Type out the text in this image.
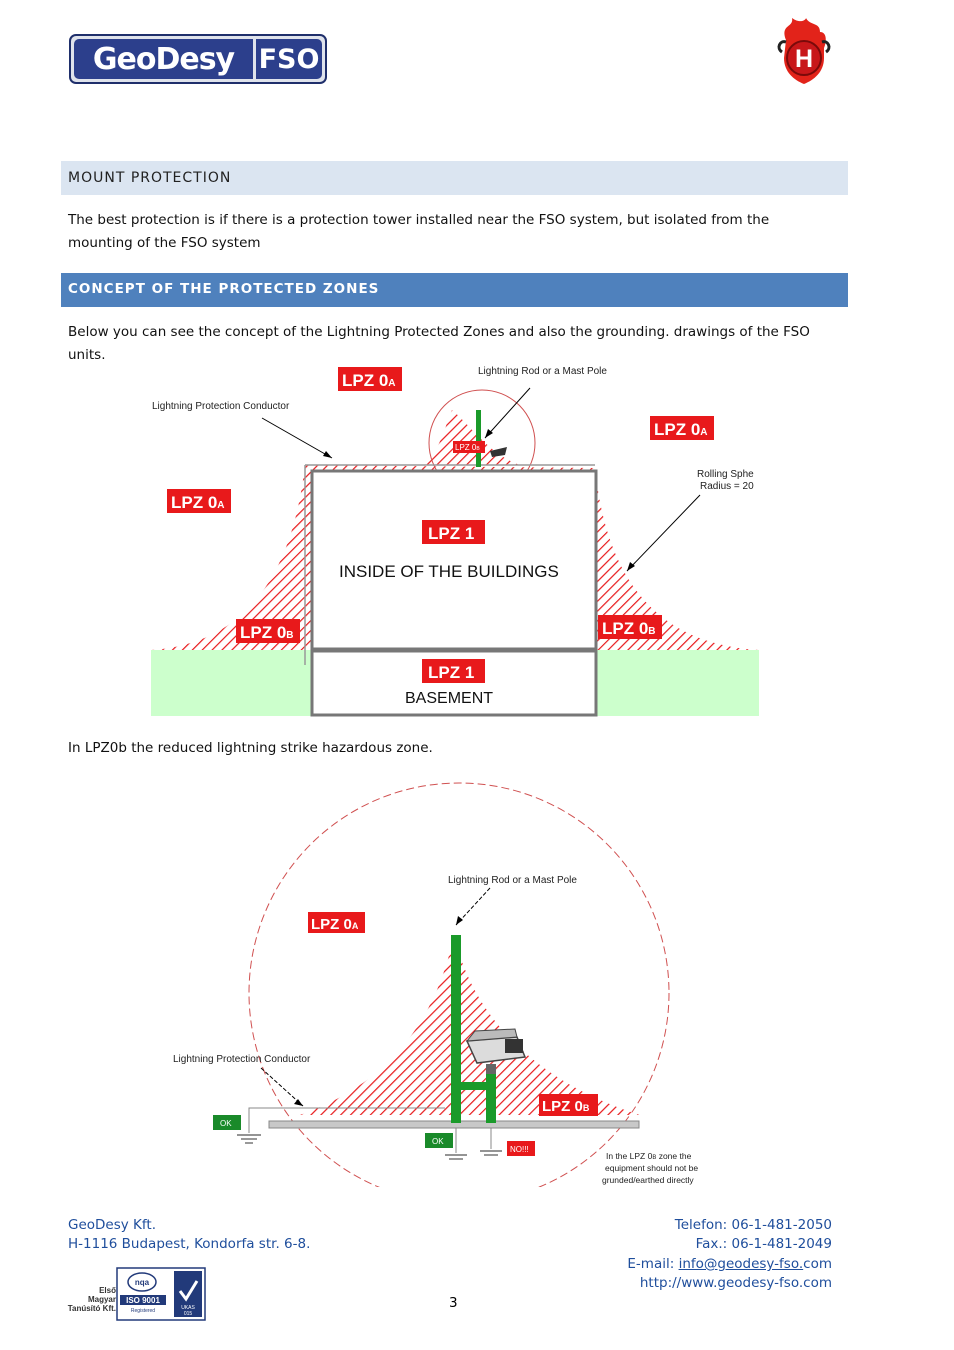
GeoDesy FSO	H
MOUNT PROTECTION
The best protection is if there is a protection tower installed near the FSO system, but isolated from the mounting of the FSO system
CONCEPT OF THE PROTECTED ZONES
Below you can see the concept of the Lightning Protected Zones and also the grounding. drawings of the FSO units.
Lightning Rod or a Mast Pole
Lightning Protection Conductor
Rolling Sphe
Radius = 20
INSIDE OF THE BUILDINGS
BASEMENT
LPZ 0A
LPZ 0A
LPZ 0A
LPZ 0B
LPZ 0B	LPZ 0B
LPZ 1
LPZ 1
In LPZ0b the reduced lightning strike hazardous zone.
Lightning Rod or a Mast Pole
Lightning Protection Conductor
LPZ 0A
LPZ 0B
OK
OK
NO!!!
In the LPZ 0B zone the
equipment should not be
grunded/earthed directly
GeoDesy Kft.
H-1116 Budapest, Kondorfa str. 6-8.
Telefon: 06-1-481-2050
Fax.: 06-1-481-2049
E-mail: info@geodesy-fso.com
http://www.geodesy-fso.com
3
Első
Magyar
Tanúsító Kft.
nqa
ISO 9001
Registered	UKAS
015
